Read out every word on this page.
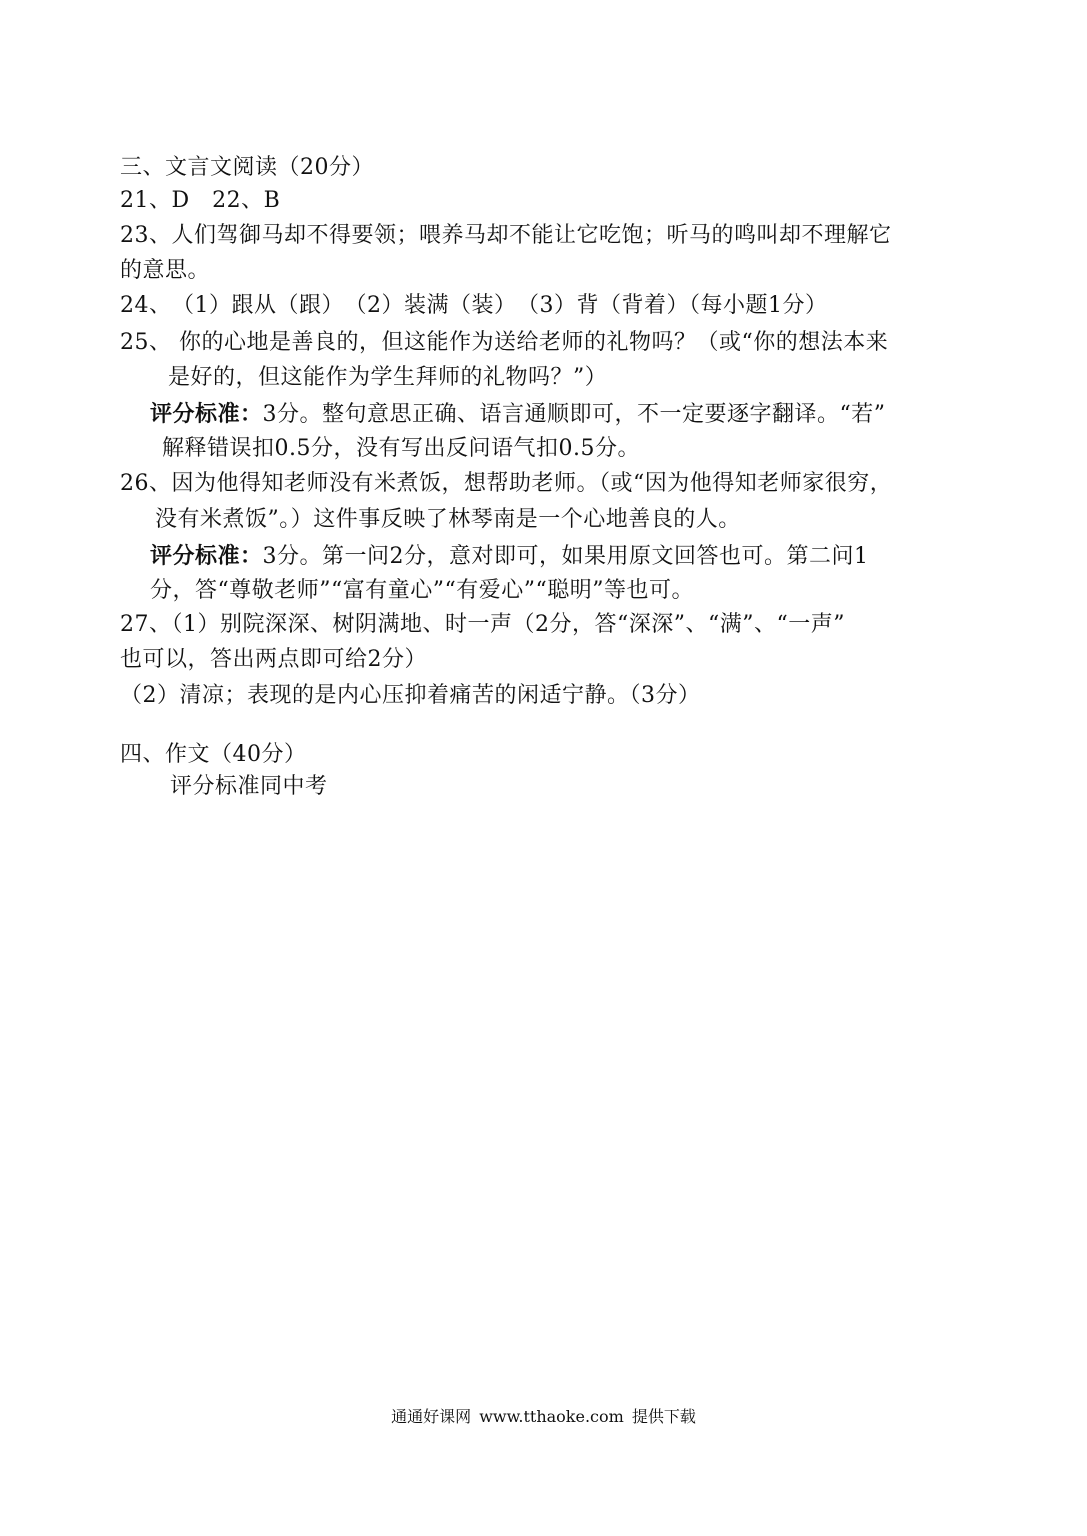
三、文言文阅读（20分）
21、D　22、B
23、人们驾御马却不得要领；喂养马却不能让它吃饱；听马的鸣叫却不理解它
的意思。
24、　（1）跟从（跟）　（2）装满（装）　（3）背（背着）（每小题1分）
25、 你的心地是善良的，但这能作为送给老师的礼物吗？（或“你的想法本来
是好的，但这能作为学生拜师的礼物吗？”）
评分标准：3分。整句意思正确、语言通顺即可，不一定要逐字翻译。“若”
解释错误扣0.5分，没有写出反问语气扣0.5分。
26、因为他得知老师没有米煮饭，想帮助老师。（或“因为他得知老师家很穷，
没有米煮饭”。）这件事反映了林琴南是一个心地善良的人。
评分标准：3分。第一问2分，意对即可，如果用原文回答也可。第二问1
分，答“尊敬老师”“富有童心”“有爱心”“聪明”等也可。
27、（1）别院深深、树阴满地、时一声（2分，答“深深”、“满”、“一声”
也可以，答出两点即可给2分）
（2）清凉；表现的是内心压抑着痛苦的闲适宁静。（3分）
四、作文（40分）
评分标准同中考
通通好课网 www.tthaoke.com 提供下载
